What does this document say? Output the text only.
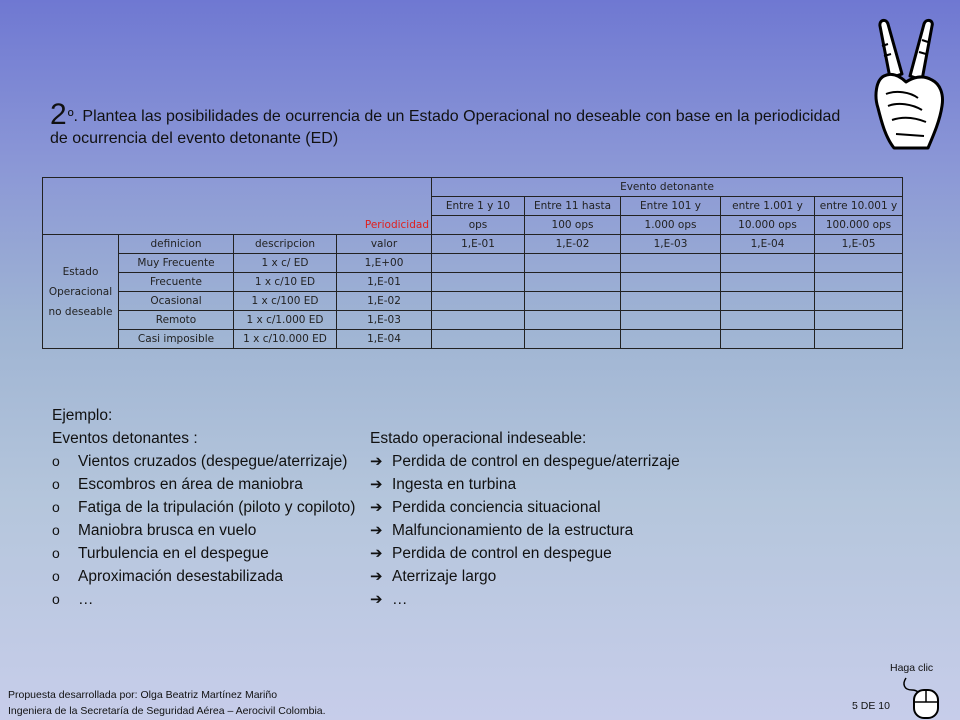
2º. Plantea las posibilidades de ocurrencia de un Estado Operacional no deseable con base en la periodicidad de ocurrencia del evento detonante (ED)
Periodicidad				Evento detonante				
				Entre 1 y 10	Entre 11 hasta	Entre 101 y	entre 1.001 y	entre 10.001 y
				ops	100 ops	1.000 ops	10.000 ops	100.000 ops
Estado Operacional no deseable	definicion	descripcion	valor	1,E-01	1,E-02	1,E-03	1,E-04	1,E-05
	Muy Frecuente	1 x c/ ED	1,E+00					
	Frecuente	1 x c/10 ED	1,E-01					
	Ocasional	1 x c/100 ED	1,E-02					
	Remoto	1 x c/1.000 ED	1,E-03					
	Casi imposible	1 x c/10.000 ED	1,E-04					
Ejemplo:
Eventos detonantes :	Estado operacional indeseable:
o Vientos cruzados (despegue/aterrizaje)	➔ Perdida de control en despegue/aterrizaje
o Escombros en área de maniobra	➔ Ingesta en turbina
o Fatiga de la tripulación (piloto y copiloto) ➔ Perdida conciencia situacional
o Maniobra brusca en vuelo	➔ Malfuncionamiento de la estructura
o Turbulencia en el despegue	➔ Perdida de control en despegue
o Aproximación desestabilizada	➔ Aterrizaje largo
o …	➔ …
Propuesta desarrollada por: Olga Beatriz Martínez Mariño
Ingeniera de la Secretaría de Seguridad Aérea – Aerocivil Colombia.	5 DE 10
Haga clic
